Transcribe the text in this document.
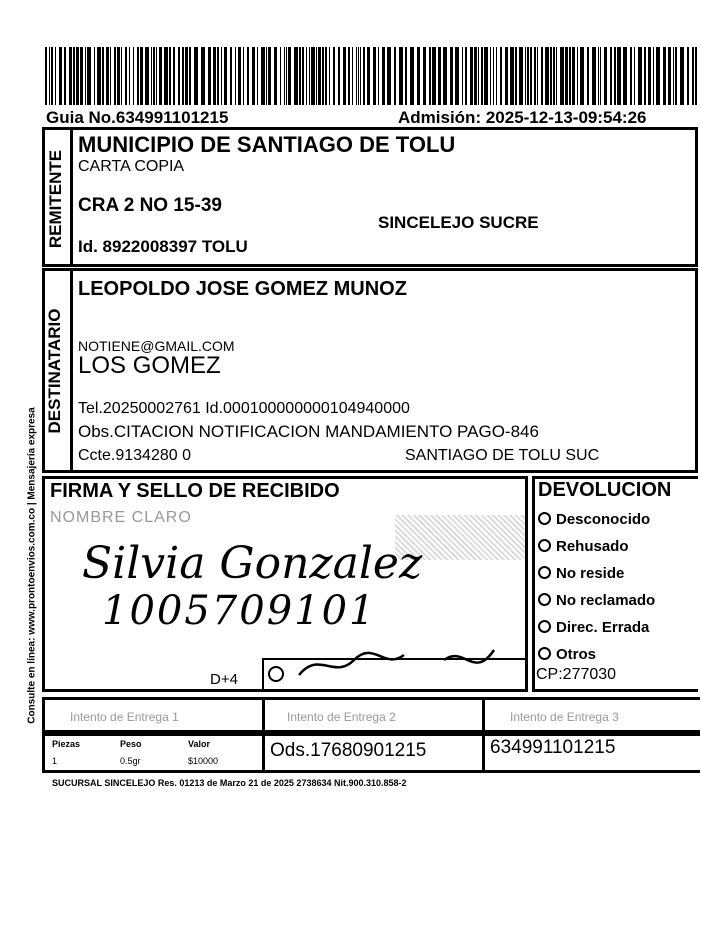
Guia No.634991101215	Admisión: 2025-12-13-09:54:26
Consulte en línea: www.prontoenvios.com.co | Mensajería expresa
REMITENTE
MUNICIPIO DE SANTIAGO DE TOLU
CARTA COPIA
CRA 2 NO 15-39
SINCELEJO SUCRE
Id. 8922008397 TOLU
DESTINATARIO
LEOPOLDO JOSE GOMEZ MUNOZ
NOTIENE@GMAIL.COM
LOS GOMEZ
Tel.20250002761 Id.000100000000104940000
Obs.CITACION NOTIFICACION MANDAMIENTO PAGO-846
Ccte.9134280 0	SANTIAGO DE TOLU SUC
FIRMA Y SELLO DE RECIBIDO
NOMBRE CLARO
Silvia Gonzalez
1005709101
D+4
DEVOLUCION
Desconocido
Rehusado
No reside
No reclamado
Direc. Errada
Otros
CP:277030
Intento de Entrega 1	Intento de Entrega 2	Intento de Entrega 3
Piezas	Peso	Valor
1	0.5gr	$10000	Ods.17680901215	634991101215
SUCURSAL SINCELEJO Res. 01213 de Marzo 21 de 2025 2738634 Nit.900.310.858-2
